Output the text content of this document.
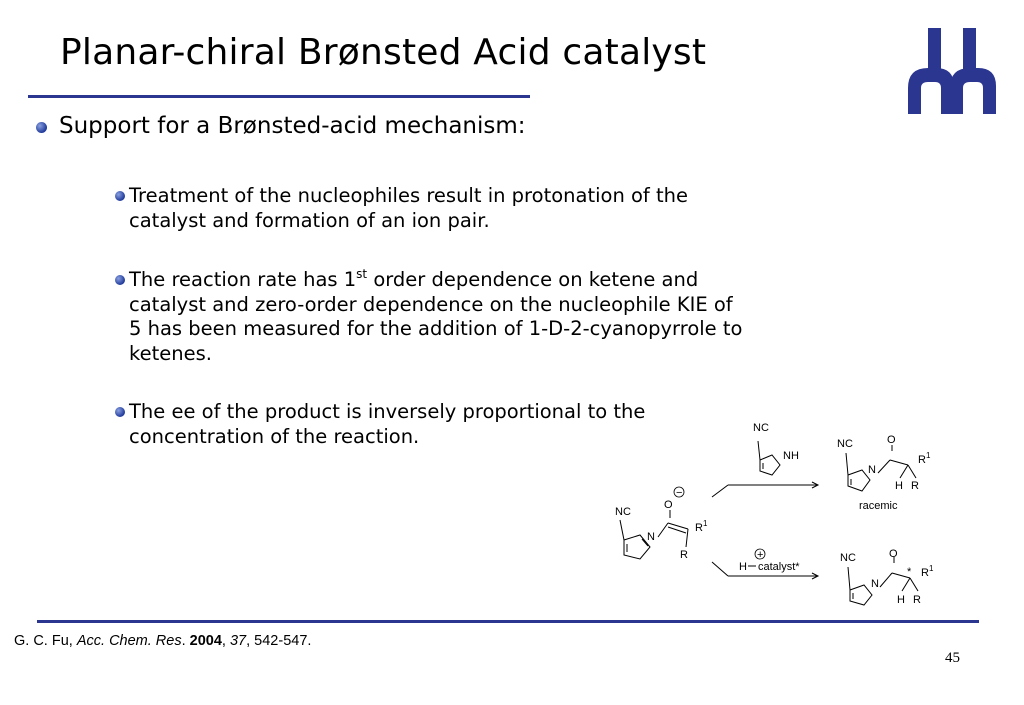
Planar-chiral Brønsted Acid catalyst
Support for a Brønsted-acid mechanism:
Treatment of the nucleophiles result in protonation of the catalyst and formation of an ion pair.
The reaction rate has 1st order dependence on ketene and catalyst and zero-order dependence on the nucleophile KIE of 5 has been measured for the addition of 1-D-2-cyanopyrrole to ketenes.
The ee of the product is inversely proportional to the concentration of the reaction.
NC
N
O
−
$R^1$
R
NC
NH
H
+
catalyst*
NC
N
O
$R^1$
H R
racemic
NC
N
O
* $R^1$
H R
G. C. Fu, Acc. Chem. Res. 2004, 37, 542-547.
45
